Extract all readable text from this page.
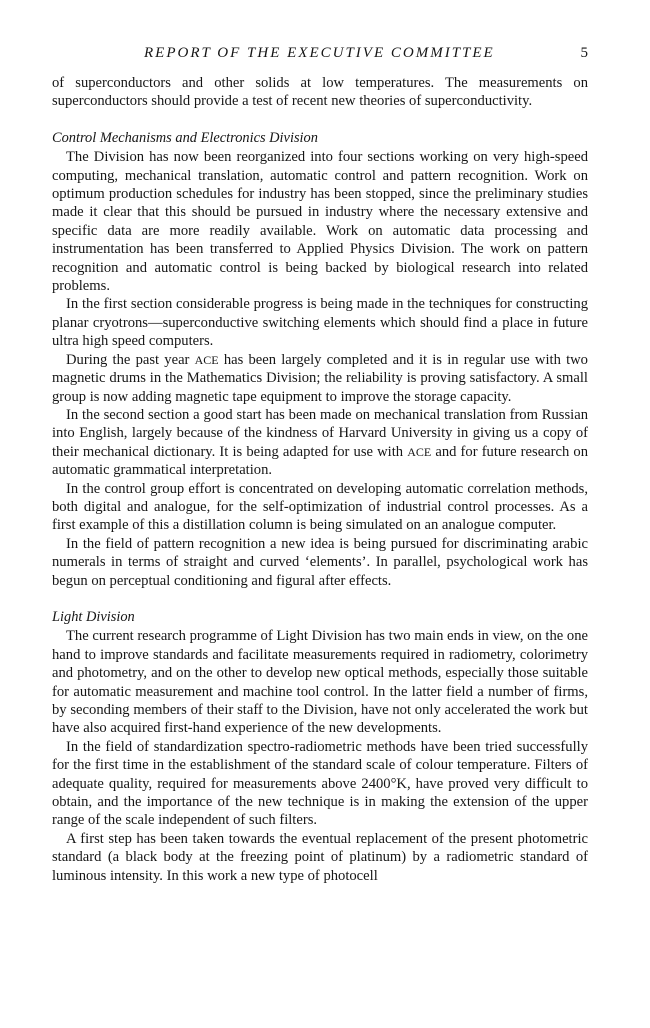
REPORT OF THE EXECUTIVE COMMITTEE	5

of superconductors and other solids at low temperatures. The measurements on superconductors should provide a test of recent new theories of superconductivity.

Control Mechanisms and Electronics Division

The Division has now been reorganized into four sections working on very high-speed computing, mechanical translation, automatic control and pattern recognition. Work on optimum production schedules for industry has been stopped, since the preliminary studies made it clear that this should be pursued in industry where the necessary extensive and specific data are more readily available. Work on automatic data processing and instrumentation has been transferred to Applied Physics Division. The work on pattern recognition and automatic control is being backed by biological research into related problems.

In the first section considerable progress is being made in the techniques for constructing planar cryotrons—superconductive switching elements which should find a place in future ultra high speed computers.

During the past year ACE has been largely completed and it is in regular use with two magnetic drums in the Mathematics Division; the reliability is proving satisfactory. A small group is now adding magnetic tape equipment to improve the storage capacity.

In the second section a good start has been made on mechanical translation from Russian into English, largely because of the kindness of Harvard University in giving us a copy of their mechanical dictionary. It is being adapted for use with ACE and for future research on automatic grammatical interpretation.

In the control group effort is concentrated on developing automatic correlation methods, both digital and analogue, for the self-optimization of industrial control processes. As a first example of this a distillation column is being simulated on an analogue computer.

In the field of pattern recognition a new idea is being pursued for discriminating arabic numerals in terms of straight and curved ‘elements’. In parallel, psychological work has begun on perceptual conditioning and figural after effects.

Light Division

The current research programme of Light Division has two main ends in view, on the one hand to improve standards and facilitate measurements required in radiometry, colorimetry and photometry, and on the other to develop new optical methods, especially those suitable for automatic measurement and machine tool control. In the latter field a number of firms, by seconding members of their staff to the Division, have not only accelerated the work but have also acquired first-hand experience of the new developments.

In the field of standardization spectro-radiometric methods have been tried successfully for the first time in the establishment of the standard scale of colour temperature. Filters of adequate quality, required for measurements above 2400°K, have proved very difficult to obtain, and the importance of the new technique is in making the extension of the upper range of the scale independent of such filters.

A first step has been taken towards the eventual replacement of the present photometric standard (a black body at the freezing point of platinum) by a radiometric standard of luminous intensity. In this work a new type of photocell
